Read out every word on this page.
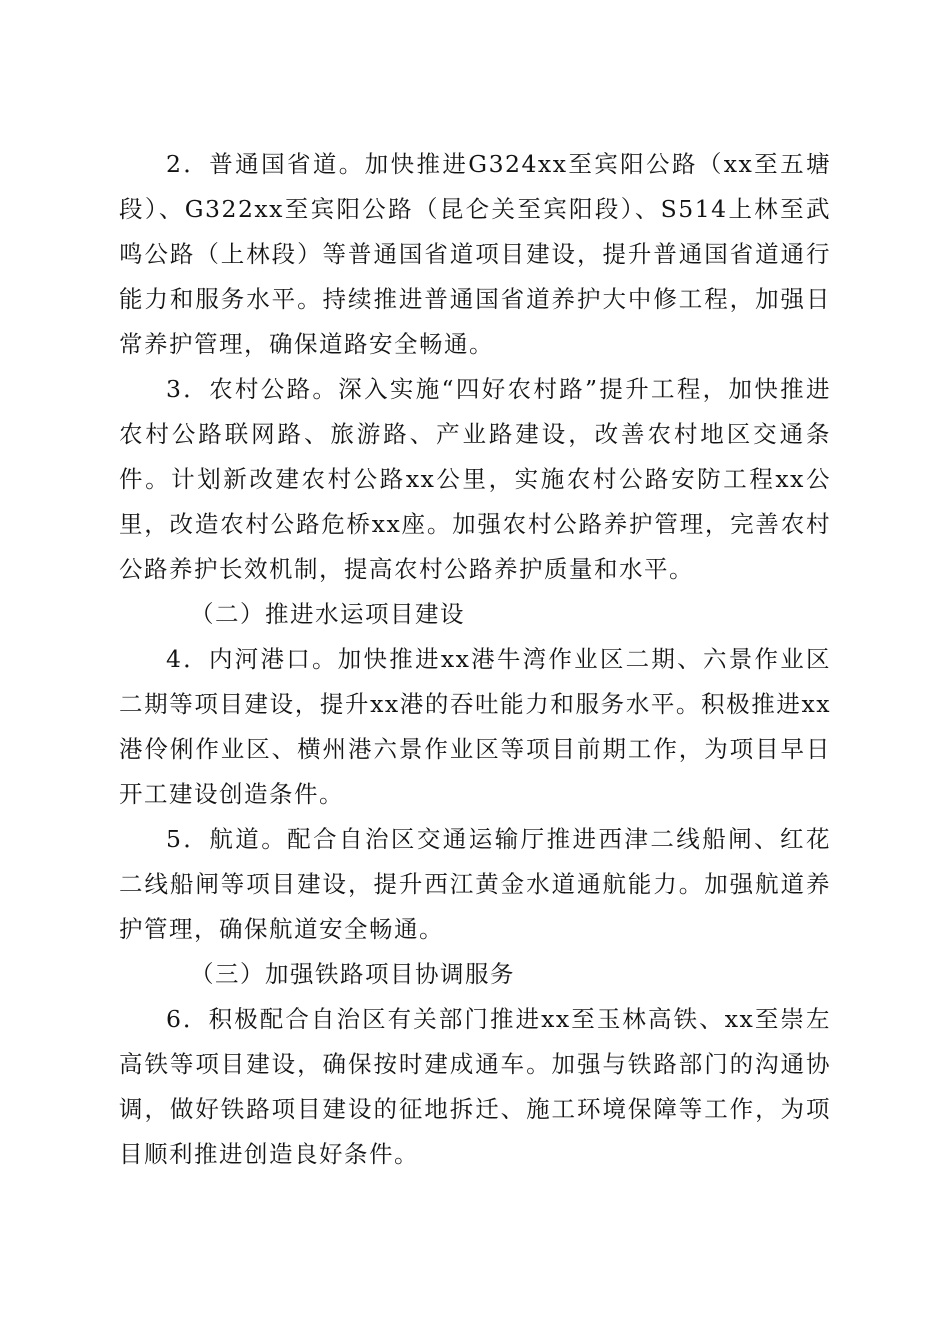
2．普通国省道。加快推进G324xx至宾阳公路（xx至五塘段）、G322xx至宾阳公路（昆仑关至宾阳段）、S514上林至武鸣公路（上林段）等普通国省道项目建设，提升普通国省道通行能力和服务水平。持续推进普通国省道养护大中修工程，加强日常养护管理，确保道路安全畅通。

3．农村公路。深入实施“四好农村路”提升工程，加快推进农村公路联网路、旅游路、产业路建设，改善农村地区交通条件。计划新改建农村公路xx公里，实施农村公路安防工程xx公里，改造农村公路危桥xx座。加强农村公路养护管理，完善农村公路养护长效机制，提高农村公路养护质量和水平。

（二）推进水运项目建设

4．内河港口。加快推进xx港牛湾作业区二期、六景作业区二期等项目建设，提升xx港的吞吐能力和服务水平。积极推进xx港伶俐作业区、横州港六景作业区等项目前期工作，为项目早日开工建设创造条件。

5．航道。配合自治区交通运输厅推进西津二线船闸、红花二线船闸等项目建设，提升西江黄金水道通航能力。加强航道养护管理，确保航道安全畅通。

（三）加强铁路项目协调服务

6．积极配合自治区有关部门推进xx至玉林高铁、xx至崇左高铁等项目建设，确保按时建成通车。加强与铁路部门的沟通协调，做好铁路项目建设的征地拆迁、施工环境保障等工作，为项目顺利推进创造良好条件。
